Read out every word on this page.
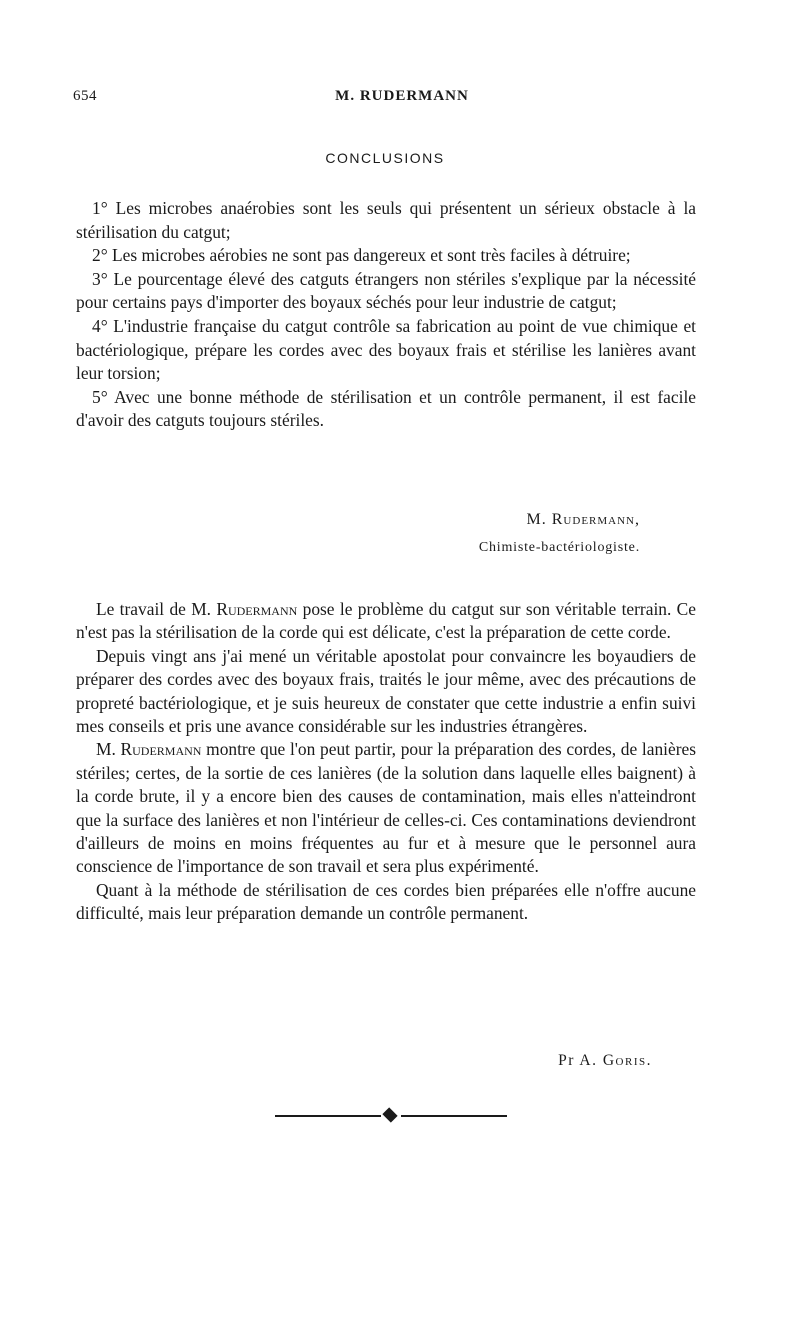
654	M. RUDERMANN
CONCLUSIONS

1° Les microbes anaérobies sont les seuls qui présentent un sérieux obstacle à la stérilisation du catgut;

2° Les microbes aérobies ne sont pas dangereux et sont très faciles à détruire;

3° Le pourcentage élevé des catguts étrangers non stériles s'explique par la nécessité pour certains pays d'importer des boyaux séchés pour leur industrie de catgut;

4° L'industrie française du catgut contrôle sa fabrication au point de vue chimique et bactériologique, prépare les cordes avec des boyaux frais et stérilise les lanières avant leur torsion;

5° Avec une bonne méthode de stérilisation et un contrôle permanent, il est facile d'avoir des catguts toujours stériles.

M. Rudermann,
Chimiste-bactériologiste.

Le travail de M. Rudermann pose le problème du catgut sur son véritable terrain. Ce n'est pas la stérilisation de la corde qui est délicate, c'est la préparation de cette corde.

Depuis vingt ans j'ai mené un véritable apostolat pour convaincre les boyaudiers de préparer des cordes avec des boyaux frais, traités le jour même, avec des précautions de propreté bactériologique, et je suis heureux de constater que cette industrie a enfin suivi mes conseils et pris une avance considérable sur les industries étrangères.

M. Rudermann montre que l'on peut partir, pour la préparation des cordes, de lanières stériles; certes, de la sortie de ces lanières (de la solution dans laquelle elles baignent) à la corde brute, il y a encore bien des causes de contamination, mais elles n'atteindront que la surface des lanières et non l'intérieur de celles-ci. Ces contaminations deviendront d'ailleurs de moins en moins fréquentes au fur et à mesure que le personnel aura conscience de l'importance de son travail et sera plus expérimenté.

Quant à la méthode de stérilisation de ces cordes bien préparées elle n'offre aucune difficulté, mais leur préparation demande un contrôle permanent.

Pr A. Goris.
